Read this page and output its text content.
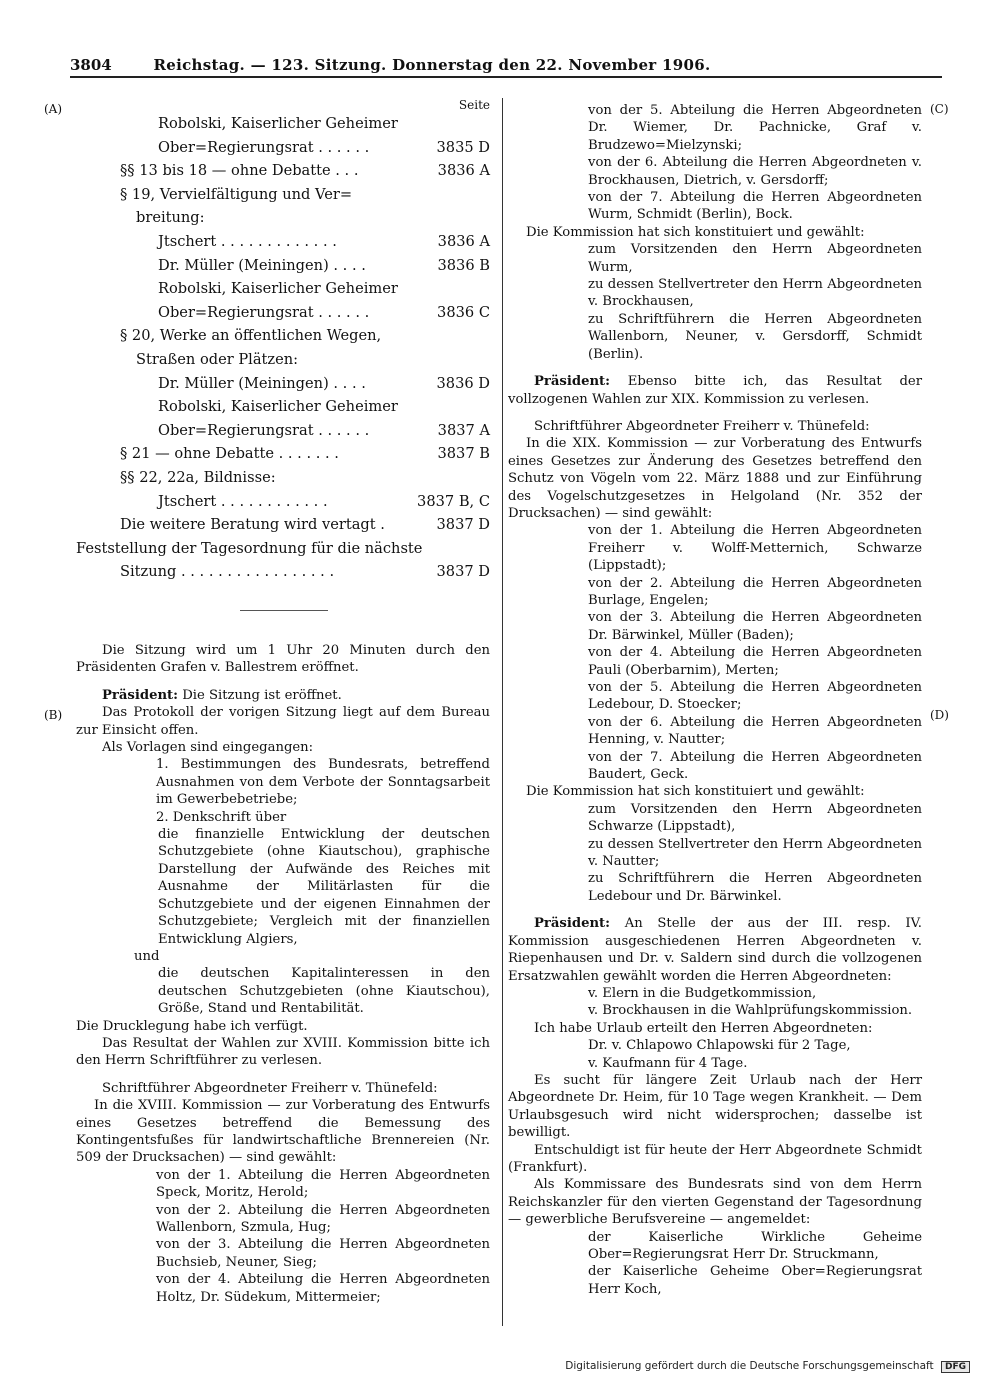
3804	Reichstag. — 123. Sitzung. Donnerstag den 22. November 1906.
(A)
(B)
(C)
(D)
Seite
Robolski, Kaiserlicher Geheimer
Ober=Regierungsrat . . . . . .	3835 D
§§ 13 bis 18 — ohne Debatte . . .	3836 A
§ 19, Vervielfältigung und Ver=
breitung:
Jtschert . . . . . . . . . . . . .	3836 A
Dr. Müller (Meiningen) . . . .	3836 B
Robolski, Kaiserlicher Geheimer
Ober=Regierungsrat . . . . . .	3836 C
§ 20, Werke an öffentlichen Wegen,
Straßen oder Plätzen:
Dr. Müller (Meiningen) . . . .	3836 D
Robolski, Kaiserlicher Geheimer
Ober=Regierungsrat . . . . . .	3837 A
§ 21 — ohne Debatte . . . . . . .	3837 B
§§ 22, 22a, Bildnisse:
Jtschert . . . . . . . . . . . .	3837 B, C
Die weitere Beratung wird vertagt .	3837 D
Feststellung der Tagesordnung für die nächste
Sitzung . . . . . . . . . . . . . . . . .	3837 D

Die Sitzung wird um 1 Uhr 20 Minuten durch den Präsidenten Grafen v. Ballestrem eröffnet.

Präsident: Die Sitzung ist eröffnet.

Das Protokoll der vorigen Sitzung liegt auf dem Bureau zur Einsicht offen.

Als Vorlagen sind eingegangen:

1. Bestimmungen des Bundesrats, betreffend Ausnahmen von dem Verbote der Sonntagsarbeit im Gewerbebetriebe;

2. Denkschrift über

die finanzielle Entwicklung der deutschen Schutzgebiete (ohne Kiautschou), graphische Darstellung der Aufwände des Reiches mit Ausnahme der Militärlasten für die Schutzgebiete und der eigenen Einnahmen der Schutzgebiete; Vergleich mit der finanziellen Entwicklung Algiers,

und

die deutschen Kapitalinteressen in den deutschen Schutzgebieten (ohne Kiautschou), Größe, Stand und Rentabilität.

Die Drucklegung habe ich verfügt.

Das Resultat der Wahlen zur XVIII. Kommission bitte ich den Herrn Schriftführer zu verlesen.

Schriftführer Abgeordneter Freiherr v. Thünefeld:

In die XVIII. Kommission — zur Vorberatung des Entwurfs eines Gesetzes betreffend die Bemessung des Kontingentsfußes für landwirtschaftliche Brennereien (Nr. 509 der Drucksachen) — sind gewählt:

von der 1. Abteilung die Herren Abgeordneten Speck, Moritz, Herold;

von der 2. Abteilung die Herren Abgeordneten Wallenborn, Szmula, Hug;

von der 3. Abteilung die Herren Abgeordneten Buchsieb, Neuner, Sieg;

von der 4. Abteilung die Herren Abgeordneten Holtz, Dr. Südekum, Mittermeier;

von der 5. Abteilung die Herren Abgeordneten Dr. Wiemer, Dr. Pachnicke, Graf v. Brudzewo=Mielzynski;

von der 6. Abteilung die Herren Abgeordneten v. Brockhausen, Dietrich, v. Gersdorff;

von der 7. Abteilung die Herren Abgeordneten Wurm, Schmidt (Berlin), Bock.

Die Kommission hat sich konstituiert und gewählt:

zum Vorsitzenden den Herrn Abgeordneten Wurm,

zu dessen Stellvertreter den Herrn Abgeordneten v. Brockhausen,

zu Schriftführern die Herren Abgeordneten Wallenborn, Neuner, v. Gersdorff, Schmidt (Berlin).

Präsident: Ebenso bitte ich, das Resultat der vollzogenen Wahlen zur XIX. Kommission zu verlesen.

Schriftführer Abgeordneter Freiherr v. Thünefeld:

In die XIX. Kommission — zur Vorberatung des Entwurfs eines Gesetzes zur Änderung des Gesetzes betreffend den Schutz von Vögeln vom 22. März 1888 und zur Einführung des Vogelschutzgesetzes in Helgoland (Nr. 352 der Drucksachen) — sind gewählt:

von der 1. Abteilung die Herren Abgeordneten Freiherr v. Wolff-Metternich, Schwarze (Lippstadt);

von der 2. Abteilung die Herren Abgeordneten Burlage, Engelen;

von der 3. Abteilung die Herren Abgeordneten Dr. Bärwinkel, Müller (Baden);

von der 4. Abteilung die Herren Abgeordneten Pauli (Oberbarnim), Merten;

von der 5. Abteilung die Herren Abgeordneten Ledebour, D. Stoecker;

von der 6. Abteilung die Herren Abgeordneten Henning, v. Nautter;

von der 7. Abteilung die Herren Abgeordneten Baudert, Geck.

Die Kommission hat sich konstituiert und gewählt:

zum Vorsitzenden den Herrn Abgeordneten Schwarze (Lippstadt),

zu dessen Stellvertreter den Herrn Abgeordneten v. Nautter;

zu Schriftführern die Herren Abgeordneten Ledebour und Dr. Bärwinkel.

Präsident: An Stelle der aus der III. resp. IV. Kommission ausgeschiedenen Herren Abgeordneten v. Riepenhausen und Dr. v. Saldern sind durch die vollzogenen Ersatzwahlen gewählt worden die Herren Abgeordneten:

v. Elern in die Budgetkommission,

v. Brockhausen in die Wahlprüfungskommission.

Ich habe Urlaub erteilt den Herren Abgeordneten:

Dr. v. Chlapowo Chlapowski für 2 Tage,

v. Kaufmann für 4 Tage.

Es sucht für längere Zeit Urlaub nach der Herr Abgeordnete Dr. Heim, für 10 Tage wegen Krankheit. — Dem Urlaubsgesuch wird nicht widersprochen; dasselbe ist bewilligt.

Entschuldigt ist für heute der Herr Abgeordnete Schmidt (Frankfurt).

Als Kommissare des Bundesrats sind von dem Herrn Reichskanzler für den vierten Gegenstand der Tagesordnung — gewerbliche Berufsvereine — angemeldet:

der Kaiserliche Wirkliche Geheime Ober=Regierungsrat Herr Dr. Struckmann,

der Kaiserliche Geheime Ober=Regierungsrat Herr Koch,

Digitalisierung gefördert durch die Deutsche Forschungsgemeinschaft DFG
